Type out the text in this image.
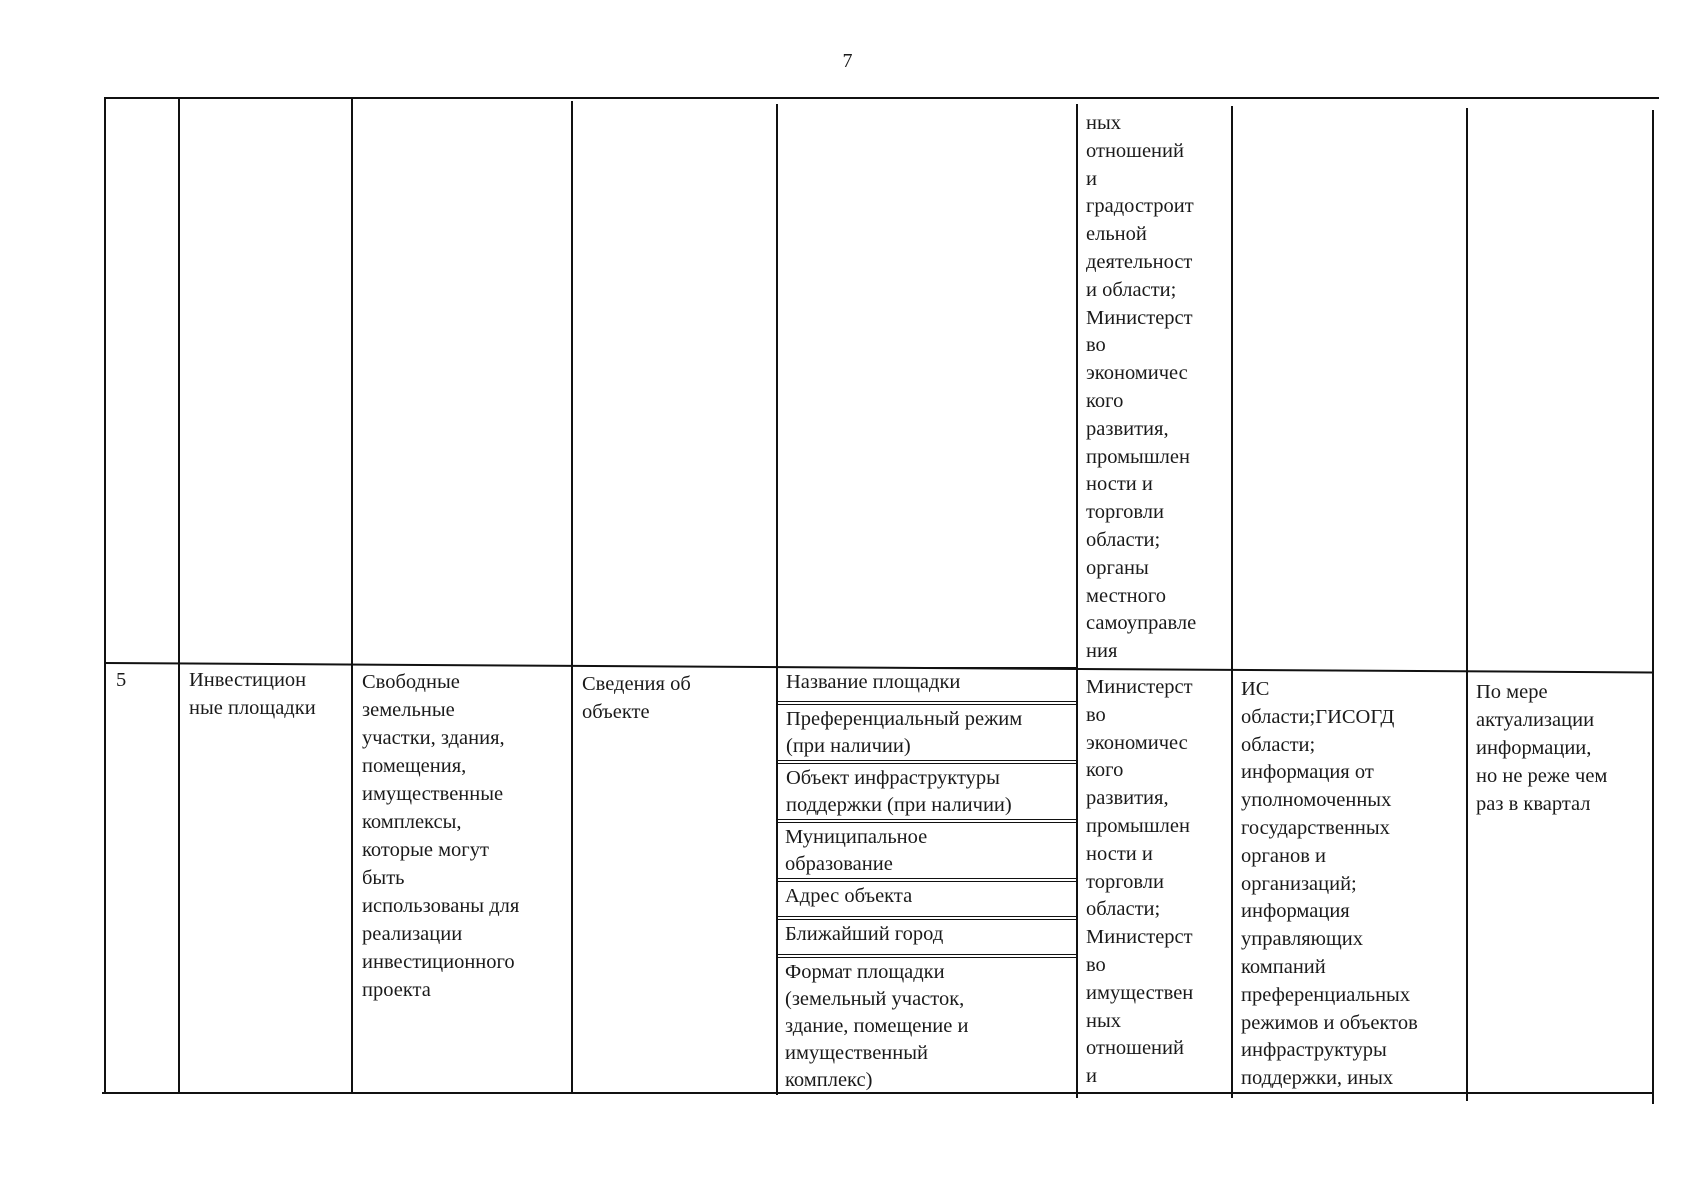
7
ных
отношений
и
градостроит
ельной
деятельност
и области;
Министерст
во
экономичес
кого
развития,
промышлен
ности и
торговли
области;
органы
местного
самоуправле
ния
5	Инвестицион
ные площадки
Свободные
земельные
участки, здания,
помещения,
имущественные
комплексы,
которые могут
быть
использованы для
реализации
инвестиционного
проекта
Сведения об
объекте
Название площадки
Преференциальный режим
(при наличии)
Объект инфраструктуры
поддержки (при наличии)
Муниципальное
образование
Адрес объекта
Ближайший город
Формат площадки
(земельный участок,
здание, помещение и
имущественный
комплекс)
Министерст
во
экономичес
кого
развития,
промышлен
ности и
торговли
области;
Министерст
во
имуществен
ных
отношений
и
ИС
области;ГИСОГД
области;
информация от
уполномоченных
государственных
органов и
организаций;
информация
управляющих
компаний
преференциальных
режимов и объектов
инфраструктуры
поддержки, иных
По мере
актуализации
информации,
но не реже чем
раз в квартал
